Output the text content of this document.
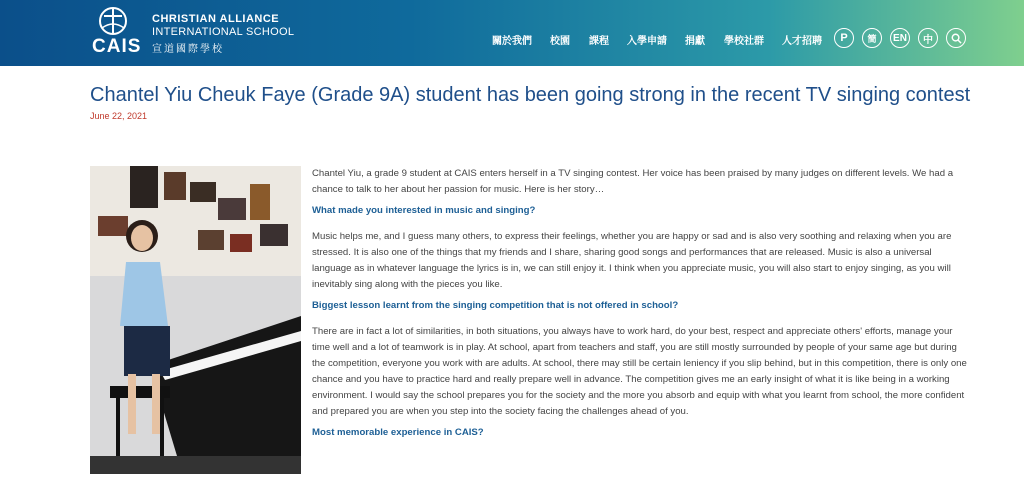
CAIS
CHRISTIAN ALLIANCE
INTERNATIONAL SCHOOL
宣道國際學校
關於我們 校園 課程 入學申請 捐獻 學校社群 人才招聘	P	簡	EN	中
Chantel Yiu Cheuk Faye (Grade 9A) student has been going strong in the recent TV singing contest
June 22, 2021

Chantel Yiu, a grade 9 student at CAIS enters herself in a TV singing contest. Her voice has been praised by many judges on different levels. We had a chance to talk to her about her passion for music. Here is her story…

What made you interested in music and singing?

Music helps me, and I guess many others, to express their feelings, whether you are happy or sad and is also very soothing and relaxing when you are stressed. It is also one of the things that my friends and I share, sharing good songs and performances that are released. Music is also a universal language as in whatever language the lyrics is in, we can still enjoy it. I think when you appreciate music, you will also start to enjoy singing, as you will inevitably sing along with the pieces you like.

Biggest lesson learnt from the singing competition that is not offered in school?

There are in fact a lot of similarities, in both situations, you always have to work hard, do your best, respect and appreciate others' efforts, manage your time well and a lot of teamwork is in play. At school, apart from teachers and staff, you are still mostly surrounded by people of your same age but during the competition, everyone you work with are adults. At school, there may still be certain leniency if you slip behind, but in this competition, there is only one chance and you have to practice hard and really prepare well in advance. The competition gives me an early insight of what it is like being in a working environment. I would say the school prepares you for the society and the more you absorb and equip with what you learnt from school, the more confident and prepared you are when you step into the society facing the challenges ahead of you.

Most memorable experience in CAIS?
